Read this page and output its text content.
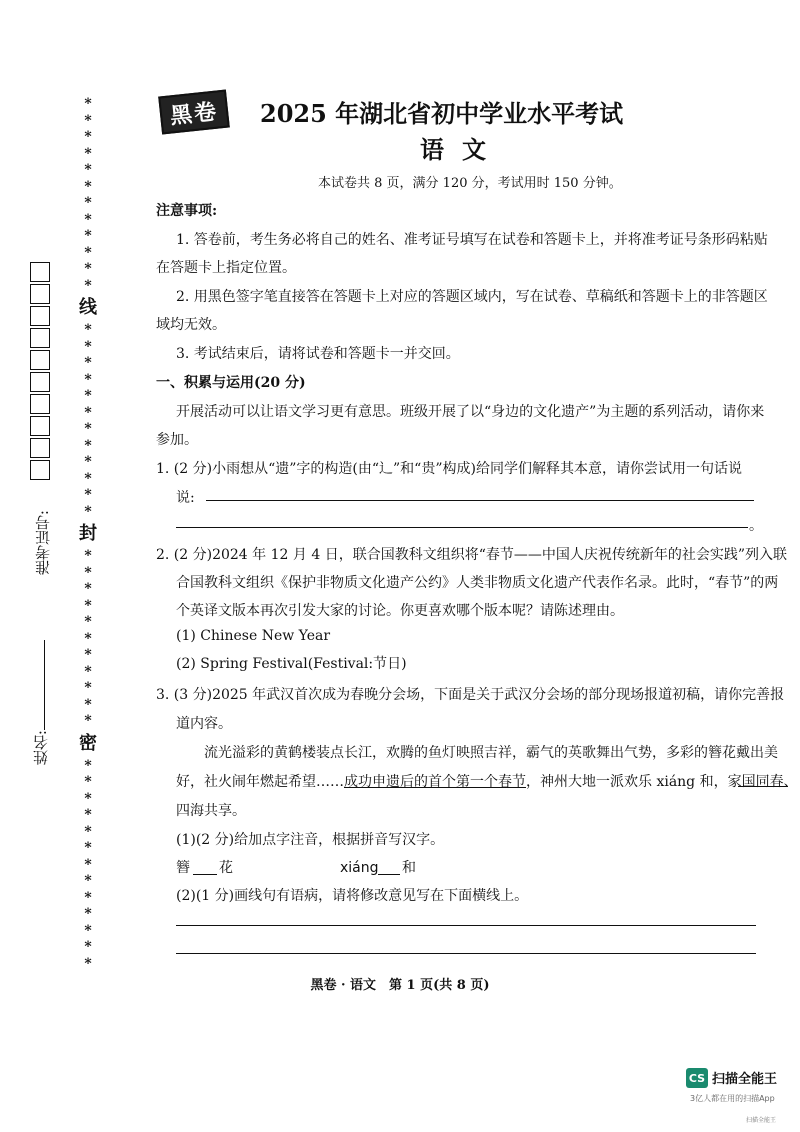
黑卷	2025 年湖北省初中学业水平考试
语文
本试卷共 8 页，满分 120 分，考试用时 150 分钟。
注意事项:
1. 答卷前，考生务必将自己的姓名、准考证号填写在试卷和答题卡上，并将准考证号条形码粘贴
在答题卡上指定位置。
2. 用黑色签字笔直接答在答题卡上对应的答题区域内，写在试卷、草稿纸和答题卡上的非答题区
域均无效。
3. 考试结束后，请将试卷和答题卡一并交回。
一、积累与运用(20 分)
开展活动可以让语文学习更有意思。班级开展了以“身边的文化遗产”为主题的系列活动，请你来
参加。
1. (2 分)小雨想从“遗”字的构造(由“辶”和“贵”构成)给同学们解释其本意，请你尝试用一句话说
说:
。
2. (2 分)2024 年 12 月 4 日，联合国教科文组织将“春节——中国人庆祝传统新年的社会实践”列入联
合国教科文组织《保护非物质文化遗产公约》人类非物质文化遗产代表作名录。此时，“春节”的两
个英译文版本再次引发大家的讨论。你更喜欢哪个版本呢？请陈述理由。
(1) Chinese New Year
(2) Spring Festival(Festival:节日)
3. (3 分)2025 年武汉首次成为春晚分会场，下面是关于武汉分会场的部分现场报道初稿，请你完善报
道内容。
流光溢彩的黄鹤楼装点长江，欢腾的鱼灯映照吉祥，霸气的英歌舞出气势，多彩的簪花戴出美
好，社火闹年燃起希望……成功申遗后的首个第一个春节，神州大地一派欢乐 xiáng 和，家国同春、
四海共享。
(1)(2 分)给加点字注音，根据拼音写汉字。
簪 花	xiáng 和
(2)(1 分)画线句有语病，请将修改意见写在下面横线上。
黑卷 · 语文　第 1 页(共 8 页)
*
*
*
*
*
*
*
*
*
*
*
*
线
*
*
*
*
*
*
*
*
*
*
*
*
封
*
*
*
*
*
*
*
*
*
*
*
密
*
*
*
*
*
*
*
*
*
*
*
*
*
准考证号:
姓名:
CS 扫描全能王
3亿人都在用的扫描App
扫描全能王
